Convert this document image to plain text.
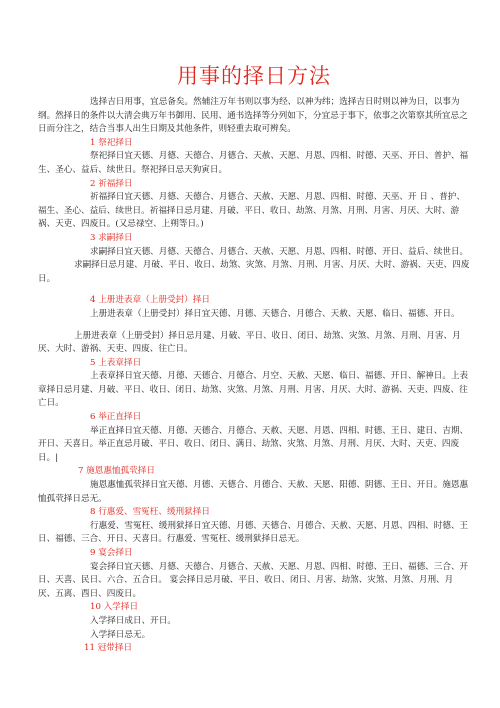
用事的择日方法

选择吉日用事，宜忌备矣。然辅注万年书则以事为经、以神为纬；选择吉日时则以神为日，以事为纲。然择日的条件以大清会典万年书御用、民用、通书选择等分列如下，分宜忌于事下，依事之次第察其所宜忌之日而分注之，结合当事人出生日期及其他条件，则轻重去取可辨矣。

1 祭祀择日

祭祀择日宜天德、月德、天德合、月德合、天赦、天愿、月恩、四相、时德、天巫、开日、普护、福生、圣心、益后、续世日。祭祀择日忌天狗寅日。

2 祈福择日

祈福择日宜天德、月德、天德合、月德合、天赦、天愿、月恩、四相、时德、天巫、开 日 、普护、福生、圣心、益后、续世日。祈福择日忌月建、月破、平日、收日、劫煞、月煞、月刑、月害、月厌、大时、游祸、天吏、四废日。(又忌禄空、上朔等日。)

3 求嗣择日

求嗣择日宜天德、月德、天德合、月德合、天赦、天愿、月恩、四相、时德、开日、益后、续世日。

求嗣择日忌月建、月破、平日、收日、劫煞、灾煞、月煞、月刑、月害、月厌、大时、游祸、天吏、四废日。

4 上册进表章（上册受封）择日

上册进表章（上册受封）择日宜天德、月德、天德合、月德合、天赦、天愿、临日、福德、开日。

上册进表章（上册受封）择日忌月建、月破、平日、收日、闭日、劫煞、灾煞、月煞、月刑、月害、月厌、大时、游祸、天吏、四废、往亡日。

5 上表章择日

上表章择日宜天德、月德、天德合、月德合、月空、天赦、天愿、临日、福德、开日、解神日。上表章择日忌月建、月破、平日、收日、闭日、劫煞、灾煞、月煞、月刑、月害、月厌、大时、游祸、天吏、四废、往亡日。

6 举正直择日

举正直择日宜天德、月德、天德合、月德合、天赦、天愿、月恩、四相、时德、王日、建日、吉期、开日、天喜日。举正直忌月破、平日、收日、闭日、满日、劫煞、灾煞、月煞、月刑、月厌、大时、天吏、四废日。|

7 施恩惠恤孤茕择日

施恩惠恤孤茕择日宜天德、月德、天德合、月德合、天赦、天愿、阳德、阴德、王日、开日。施恩惠恤孤茕择日忌无。

8 行惠爱、雪冤枉、缓刑狱择日

行惠爱、雪冤枉、缓刑狱择日宜天德、月德、天德合、月德合、天赦、天愿、月恩、四相、时德、王日、福德、三合、开日、天喜日。行惠爱、雪冤枉、缓刑狱择日忌无。

9 宴会择日

宴会择日宜天德、月德、天德合、月德合、天赦、天愿、月恩、四相、时德、王日、福德、三合、开日、天喜、民日、六合、五合日。 宴会择日忌月破、平日、收日、闭日、月害、劫煞、灾煞、月煞、月刑、月厌、五离、酉日、四废日。

10 入学择日

入学择日成日、开日。

入学择日忌无。

11 冠带择日
